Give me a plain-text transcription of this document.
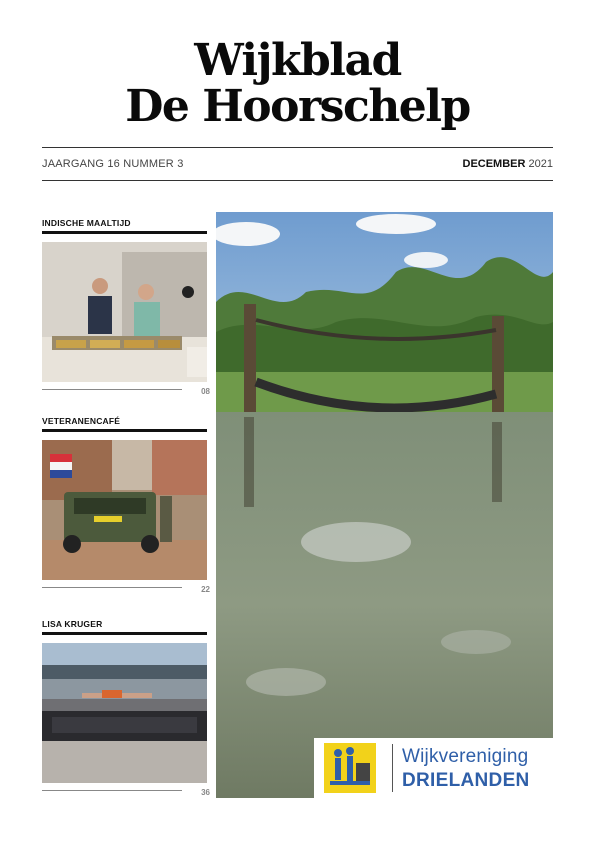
Wijkblad
De Hoorschelp
JAARGANG 16 NUMMER 3	DECEMBER 2021
INDISCHE MAALTIJD
08
VETERANENCAFÉ
22
LISA KRUGER
36
Wijkvereniging
DRIELANDEN
